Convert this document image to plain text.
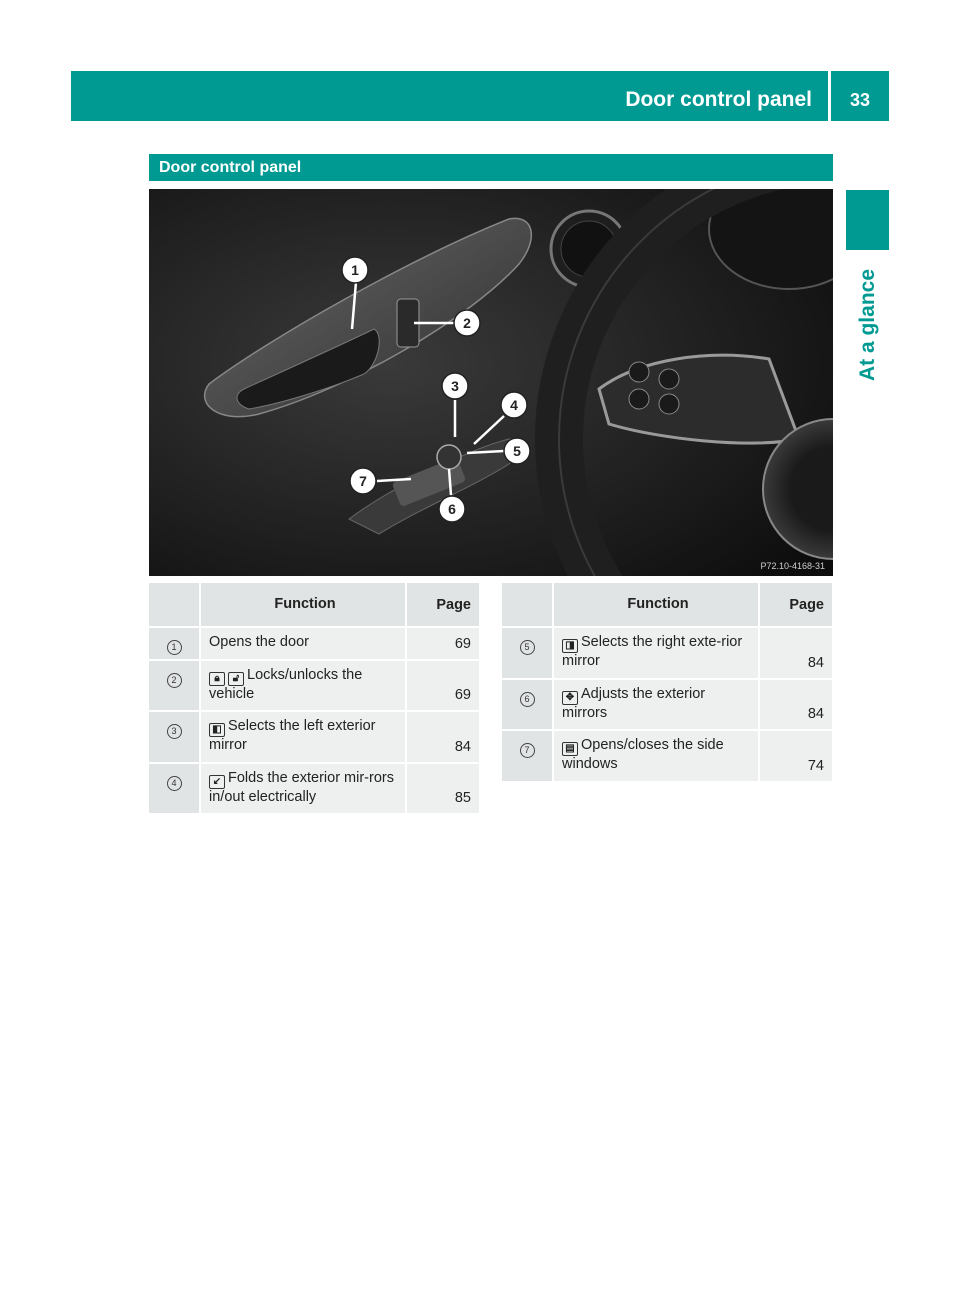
Door control panel	33
At a glance
Door control panel
1
2
3
4
5
6
7
P72.10-4168-31
	Function	Page
1	Opens the door	69
2	🔒︎ 🔓︎ Locks/unlocks the vehicle	69
3	◧ Selects the left exterior mirror	84
4	↙ Folds the exterior mir-rors in/out electrically	85
	Function	Page
5	◨ Selects the right exte-rior mirror	84
6	✥ Adjusts the exterior mirrors	84
7	▤ Opens/closes the side windows	74
